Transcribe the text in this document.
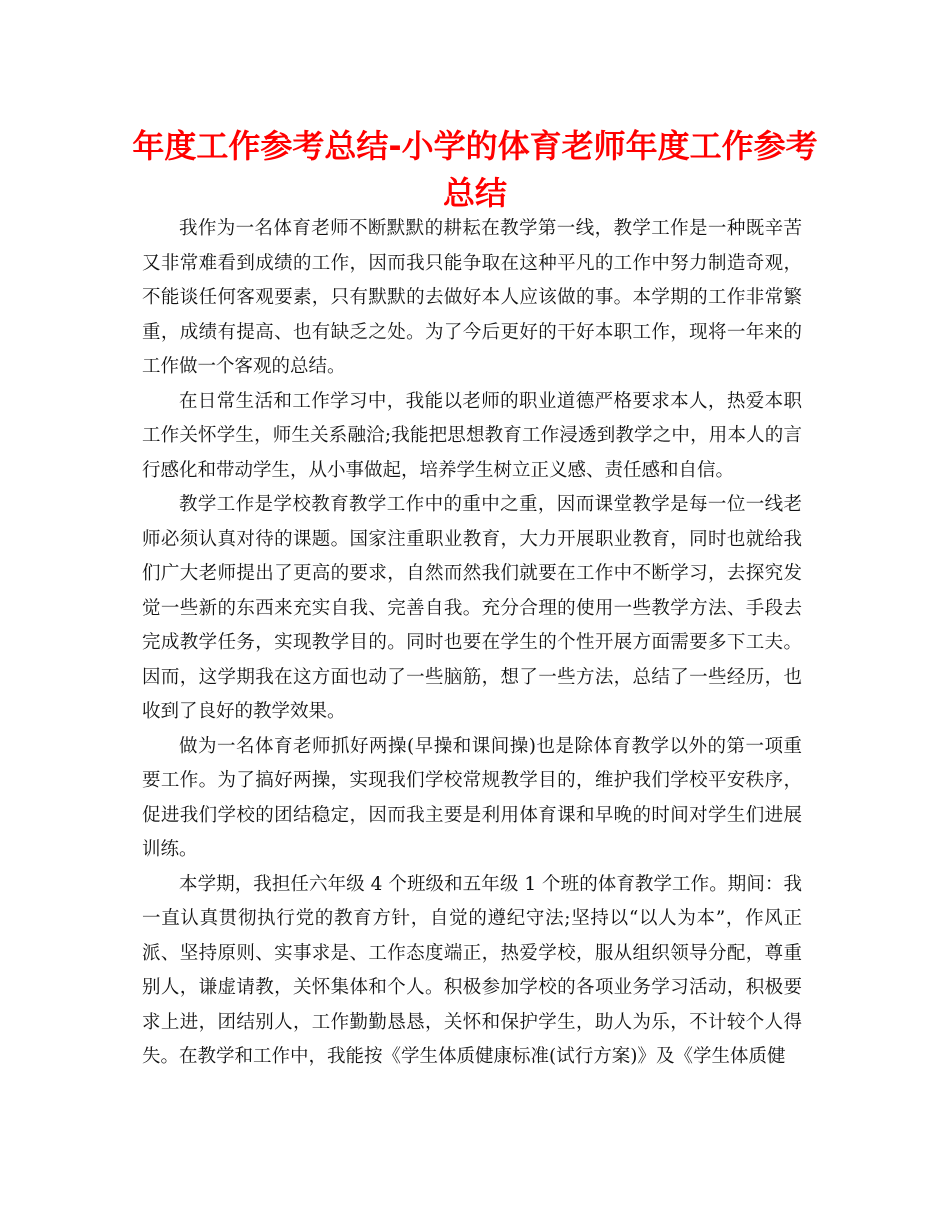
年度工作参考总结-小学的体育老师年度工作参考总结

我作为一名体育老师不断默默的耕耘在教学第一线，教学工作是一种既辛苦又非常难看到成绩的工作，因而我只能争取在这种平凡的工作中努力制造奇观，不能谈任何客观要素，只有默默的去做好本人应该做的事。本学期的工作非常繁重，成绩有提高、也有缺乏之处。为了今后更好的干好本职工作，现将一年来的工作做一个客观的总结。

在日常生活和工作学习中，我能以老师的职业道德严格要求本人，热爱本职工作关怀学生，师生关系融洽;我能把思想教育工作浸透到教学之中，用本人的言行感化和带动学生，从小事做起，培养学生树立正义感、责任感和自信。

教学工作是学校教育教学工作中的重中之重，因而课堂教学是每一位一线老师必须认真对待的课题。国家注重职业教育，大力开展职业教育，同时也就给我们广大老师提出了更高的要求，自然而然我们就要在工作中不断学习，去探究发觉一些新的东西来充实自我、完善自我。充分合理的使用一些教学方法、手段去完成教学任务，实现教学目的。同时也要在学生的个性开展方面需要多下工夫。因而，这学期我在这方面也动了一些脑筋，想了一些方法，总结了一些经历，也收到了良好的教学效果。

做为一名体育老师抓好两操(早操和课间操)也是除体育教学以外的第一项重要工作。为了搞好两操，实现我们学校常规教学目的，维护我们学校平安秩序，促进我们学校的团结稳定，因而我主要是利用体育课和早晚的时间对学生们进展训练。

本学期，我担任六年级 4 个班级和五年级 1 个班的体育教学工作。期间：我一直认真贯彻执行党的教育方针，自觉的遵纪守法;坚持以“以人为本”，作风正派、坚持原则、实事求是、工作态度端正，热爱学校，服从组织领导分配，尊重别人，谦虚请教，关怀集体和个人。积极参加学校的各项业务学习活动，积极要求上进，团结别人，工作勤勤恳恳，关怀和保护学生，助人为乐，不计较个人得失。在教学和工作中，我能按《学生体质健康标准(试行方案)》及《学生体质健
